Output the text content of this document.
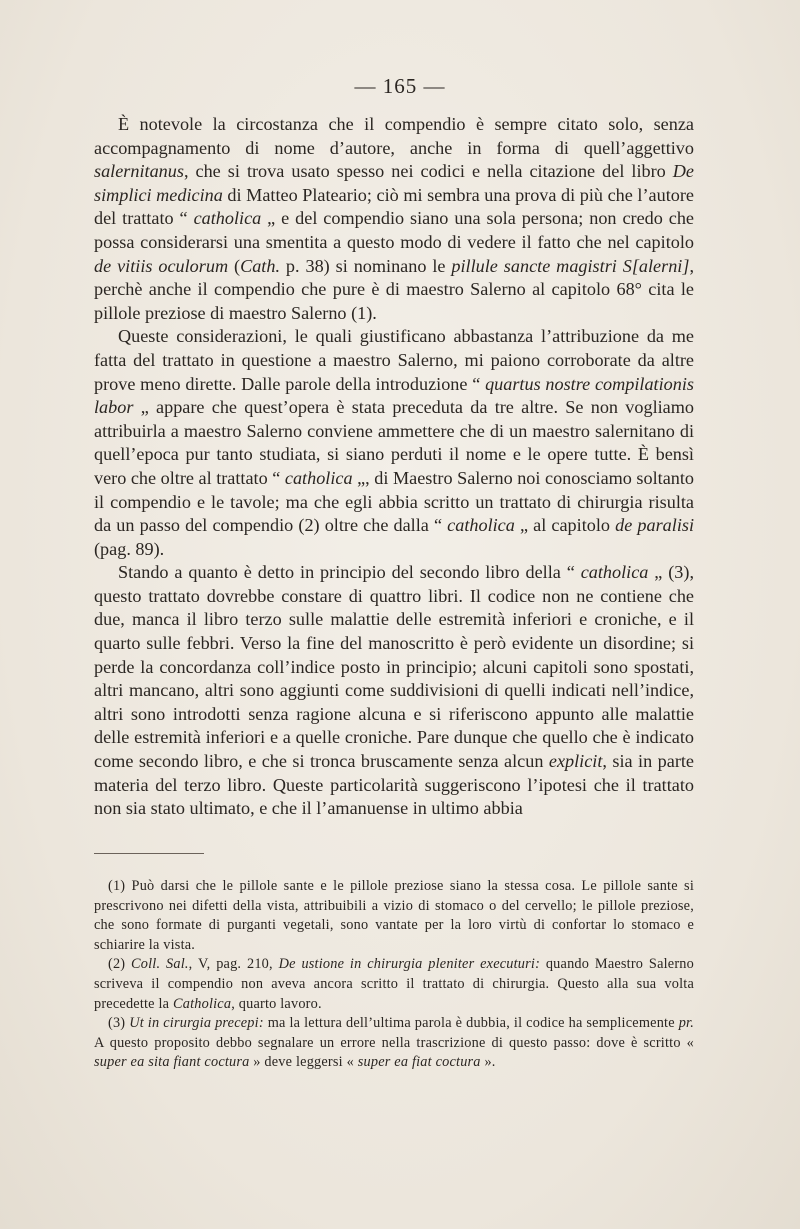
— 165 —

È notevole la circostanza che il compendio è sempre citato solo, senza accompagnamento di nome d’autore, anche in forma di quell’aggettivo salernitanus, che si trova usato spesso nei codici e nella citazione del libro De simplici medicina di Matteo Plateario; ciò mi sembra una prova di più che l’autore del trattato “ catholica „ e del compendio siano una sola persona; non credo che possa considerarsi una smentita a questo modo di vedere il fatto che nel capitolo de vitiis oculorum (Cath. p. 38) si nominano le pillule sancte magistri S[alerni], perchè anche il compendio che pure è di maestro Salerno al capitolo 68° cita le pillole preziose di maestro Salerno (1).

Queste considerazioni, le quali giustificano abbastanza l’attribuzione da me fatta del trattato in questione a maestro Salerno, mi paiono corroborate da altre prove meno dirette. Dalle parole della introduzione “ quartus nostre compilationis labor „ appare che quest’opera è stata preceduta da tre altre. Se non vogliamo attribuirla a maestro Salerno conviene ammettere che di un maestro salernitano di quell’epoca pur tanto studiata, si siano perduti il nome e le opere tutte. È bensì vero che oltre al trattato “ catholica „, di Maestro Salerno noi conosciamo soltanto il compendio e le tavole; ma che egli abbia scritto un trattato di chirurgia risulta da un passo del compendio (2) oltre che dalla “ catholica „ al capitolo de paralisi (pag. 89).

Stando a quanto è detto in principio del secondo libro della “ catholica „ (3), questo trattato dovrebbe constare di quattro libri. Il codice non ne contiene che due, manca il libro terzo sulle malattie delle estremità inferiori e croniche, e il quarto sulle febbri. Verso la fine del manoscritto è però evidente un disordine; si perde la concordanza coll’indice posto in principio; alcuni capitoli sono spostati, altri mancano, altri sono aggiunti come suddivisioni di quelli indicati nell’indice, altri sono introdotti senza ragione alcuna e si riferiscono appunto alle malattie delle estremità inferiori e a quelle croniche. Pare dunque che quello che è indicato come secondo libro, e che si tronca bruscamente senza alcun explicit, sia in parte materia del terzo libro. Queste particolarità suggeriscono l’ipotesi che il trattato non sia stato ultimato, e che il l’amanuense in ultimo abbia

(1) Può darsi che le pillole sante e le pillole preziose siano la stessa cosa. Le pillole sante si prescrivono nei difetti della vista, attribuibili a vizio di stomaco o del cervello; le pillole preziose, che sono formate di purganti vegetali, sono vantate per la loro virtù di confortar lo stomaco e schiarire la vista.

(2) Coll. Sal., V, pag. 210, De ustione in chirurgia pleniter executuri: quando Maestro Salerno scriveva il compendio non aveva ancora scritto il trattato di chirurgia. Questo alla sua volta precedette la Catholica, quarto lavoro.

(3) Ut in cirurgia precepi: ma la lettura dell’ultima parola è dubbia, il codice ha semplicemente pr. A questo proposito debbo segnalare un errore nella trascrizione di questo passo: dove è scritto « super ea sita fiant coctura » deve leggersi « super ea fiat coctura ».
